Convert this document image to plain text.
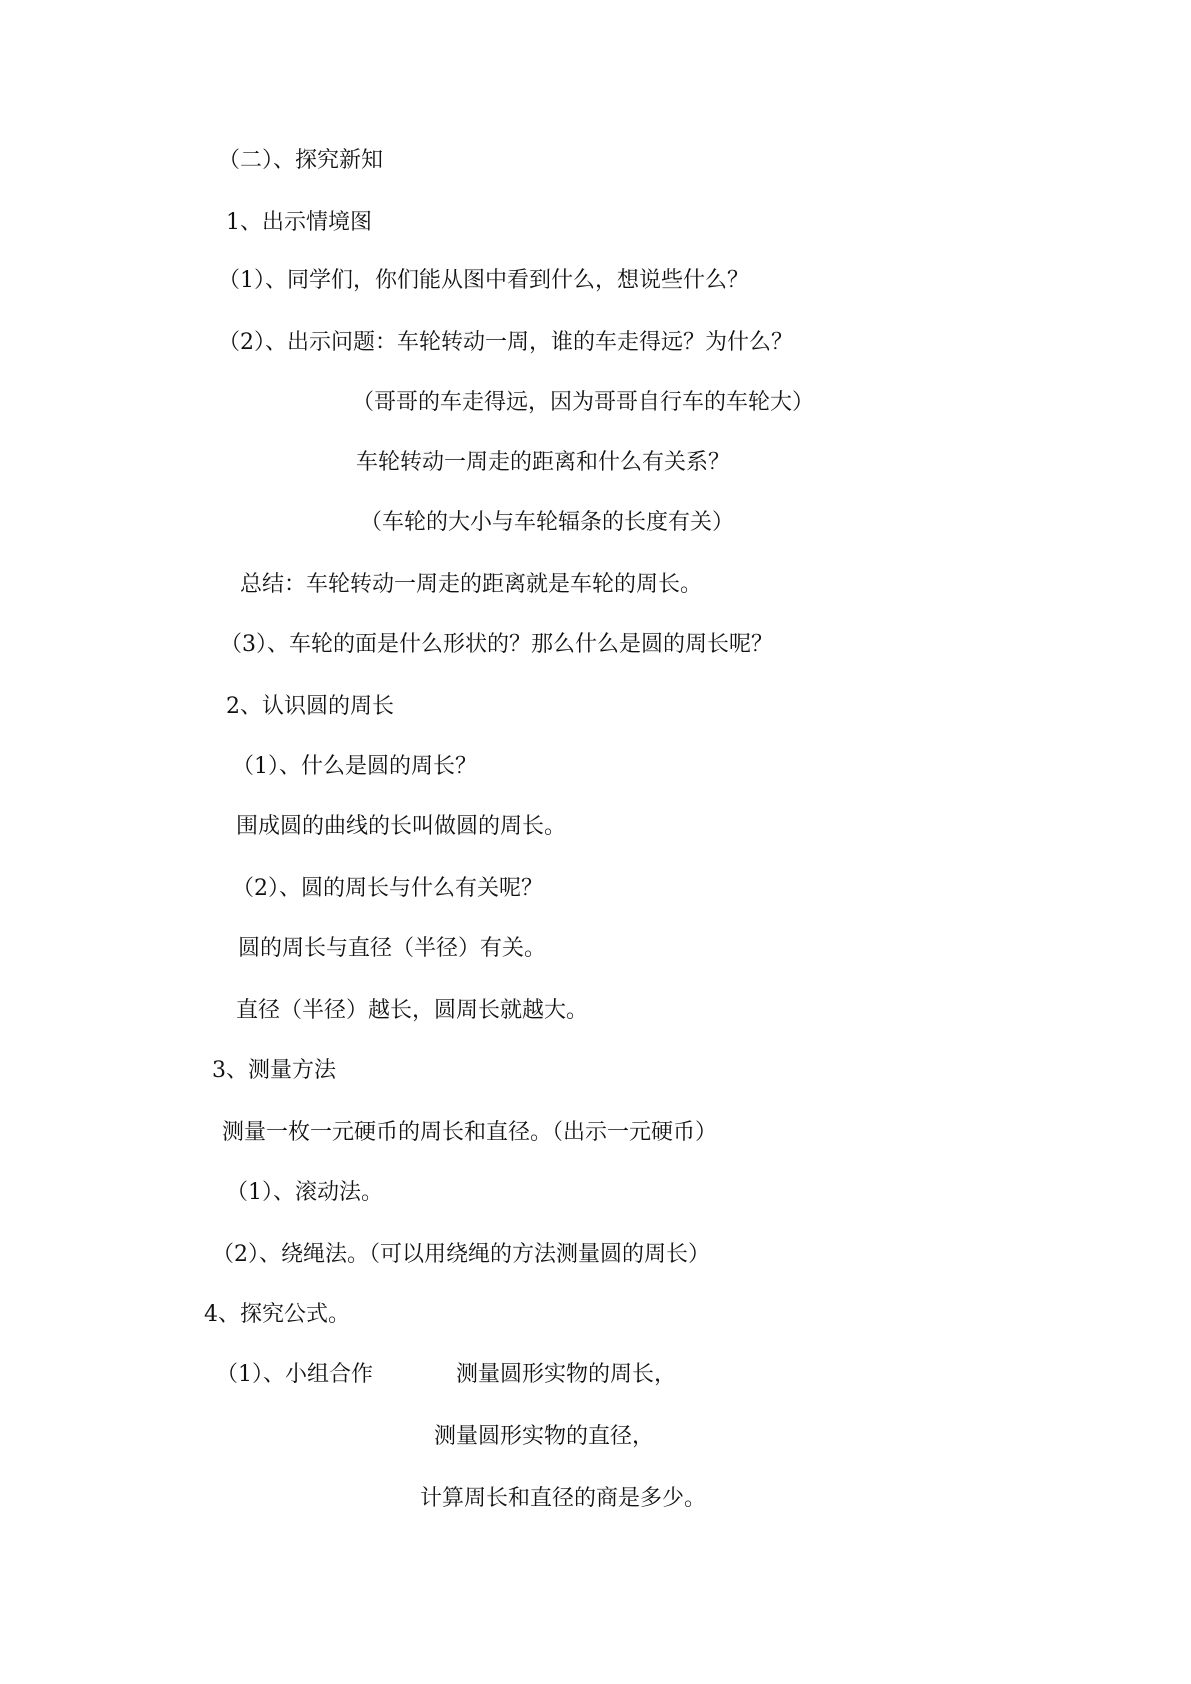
（二）、探究新知

1、出示情境图

（1）、同学们，你们能从图中看到什么，想说些什么？

（2）、出示问题：车轮转动一周，谁的车走得远？为什么？

（哥哥的车走得远，因为哥哥自行车的车轮大）

车轮转动一周走的距离和什么有关系？

（车轮的大小与车轮辐条的长度有关）

总结：车轮转动一周走的距离就是车轮的周长。

（3）、车轮的面是什么形状的？那么什么是圆的周长呢？

2、认识圆的周长

（1）、什么是圆的周长？

围成圆的曲线的长叫做圆的周长。

（2）、圆的周长与什么有关呢？

圆的周长与直径（半径）有关。

直径（半径）越长，圆周长就越大。

3、测量方法

测量一枚一元硬币的周长和直径。（出示一元硬币）

（1）、滚动法。

（2）、绕绳法。（可以用绕绳的方法测量圆的周长）

4、探究公式。

（1）、小组合作	测量圆形实物的周长，

测量圆形实物的直径，

计算周长和直径的商是多少。
